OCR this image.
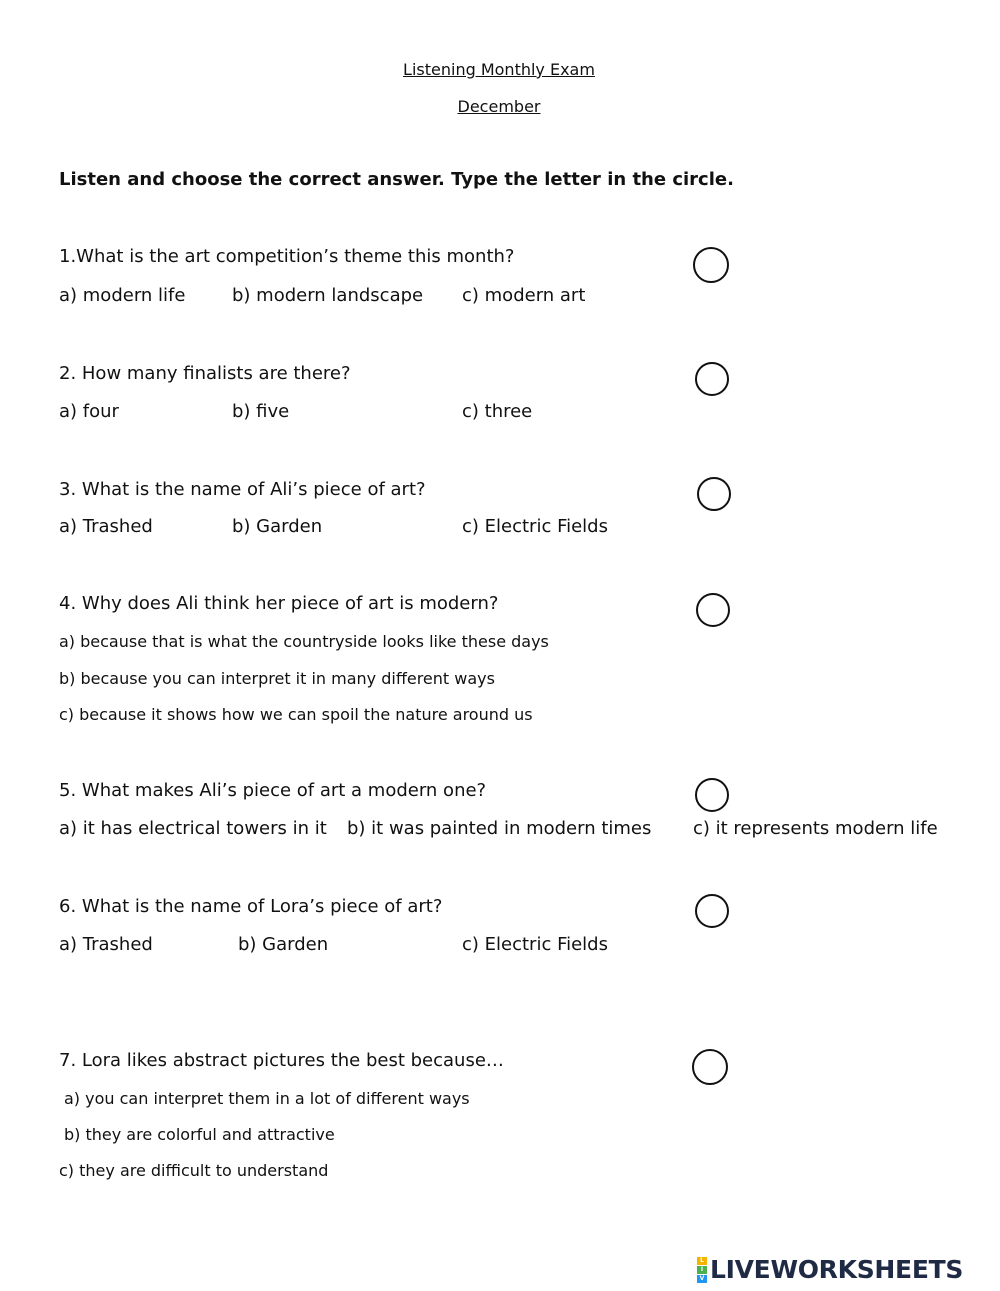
Listening Monthly Exam
December
Listen and choose the correct answer. Type the letter in the circle.
1.What is the art competition’s theme this month?
a) modern life	b) modern landscape c) modern art
2. How many finalists are there?
a) four	b) five	c) three
3. What is the name of Ali’s piece of art?
a) Trashed	b) Garden	c) Electric Fields
4. Why does Ali think her piece of art is modern?
a) because that is what the countryside looks like these days
b) because you can interpret it in many different ways
c) because it shows how we can spoil the nature around us
5. What makes Ali’s piece of art a modern one?
a) it has electrical towers in it b) it was painted in modern times c) it represents modern life
6. What is the name of Lora’s piece of art?
a) Trashed	b) Garden	c) Electric Fields
7. Lora likes abstract pictures the best because…
a) you can interpret them in a lot of different ways
b) they are colorful and attractive
c) they are difficult to understand
L
I
V LIVEWORKSHEETS
